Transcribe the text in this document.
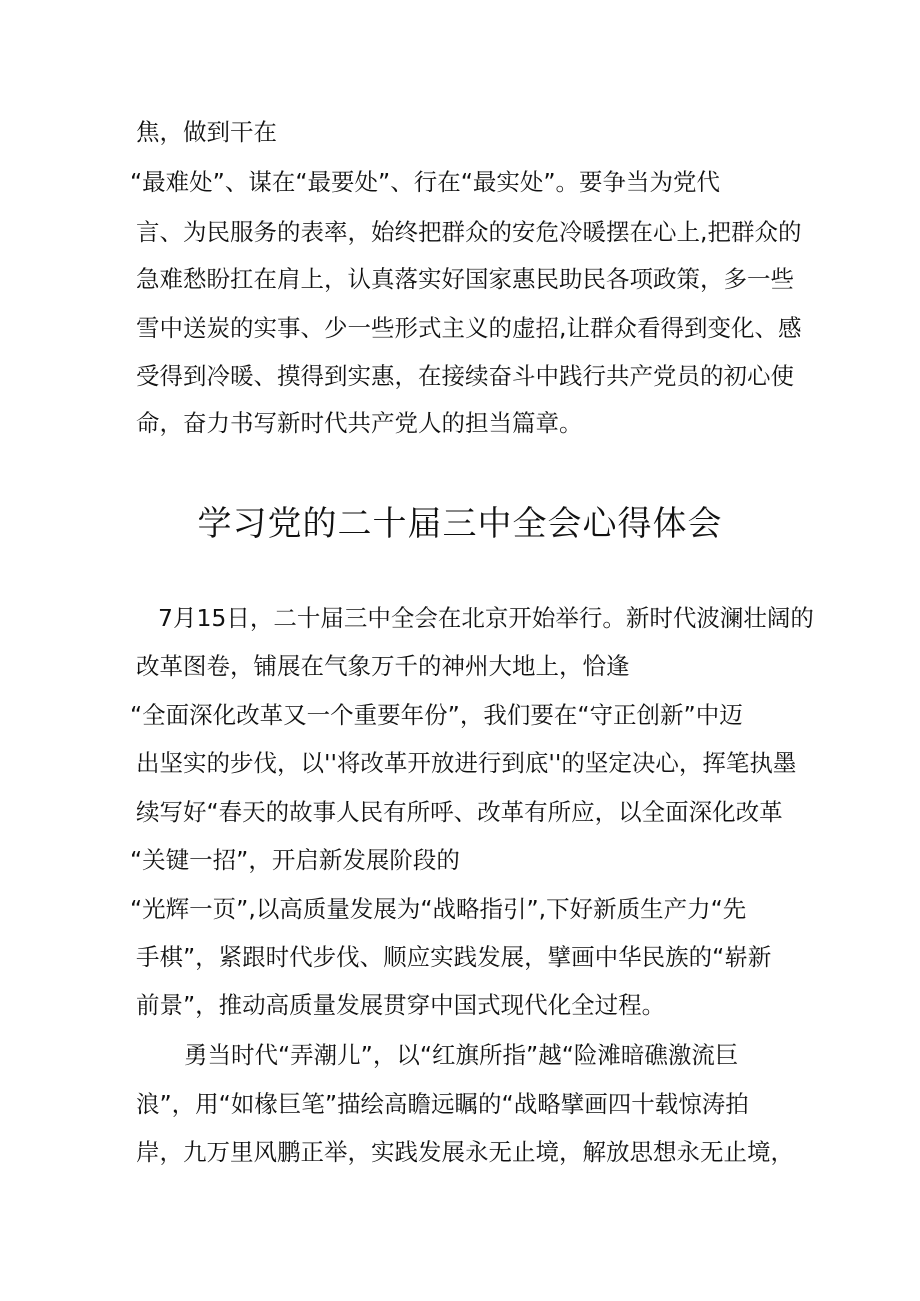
焦，做到干在
“最难处”、谋在“最要处”、行在“最实处”。要争当为党代
言、为民服务的表率，始终把群众的安危冷暖摆在心上,把群众的
急难愁盼扛在肩上，认真落实好国家惠民助民各项政策，多一些
雪中送炭的实事、少一些形式主义的虚招,让群众看得到变化、感
受得到冷暖、摸得到实惠，在接续奋斗中践行共产党员的初心使
命，奋力书写新时代共产党人的担当篇章。
学习党的二十届三中全会心得体会
7月15日，二十届三中全会在北京开始举行。新时代波澜壮阔的
改革图卷，铺展在气象万千的神州大地上，恰逢
“全面深化改革又一个重要年份”，我们要在“守正创新”中迈
出坚实的步伐，以''将改革开放进行到底''的坚定决心，挥笔执墨
续写好“春天的故事人民有所呼、改革有所应，以全面深化改革
“关键一招”，开启新发展阶段的
“光辉一页”,以高质量发展为“战略指引”,下好新质生产力“先
手棋”，紧跟时代步伐、顺应实践发展，擘画中华民族的“崭新
前景”，推动高质量发展贯穿中国式现代化全过程。
勇当时代“弄潮儿”，以“红旗所指”越“险滩暗礁激流巨
浪”，用“如椽巨笔”描绘高瞻远瞩的“战略擘画四十载惊涛拍
岸，九万里风鹏正举，实践发展永无止境，解放思想永无止境，
